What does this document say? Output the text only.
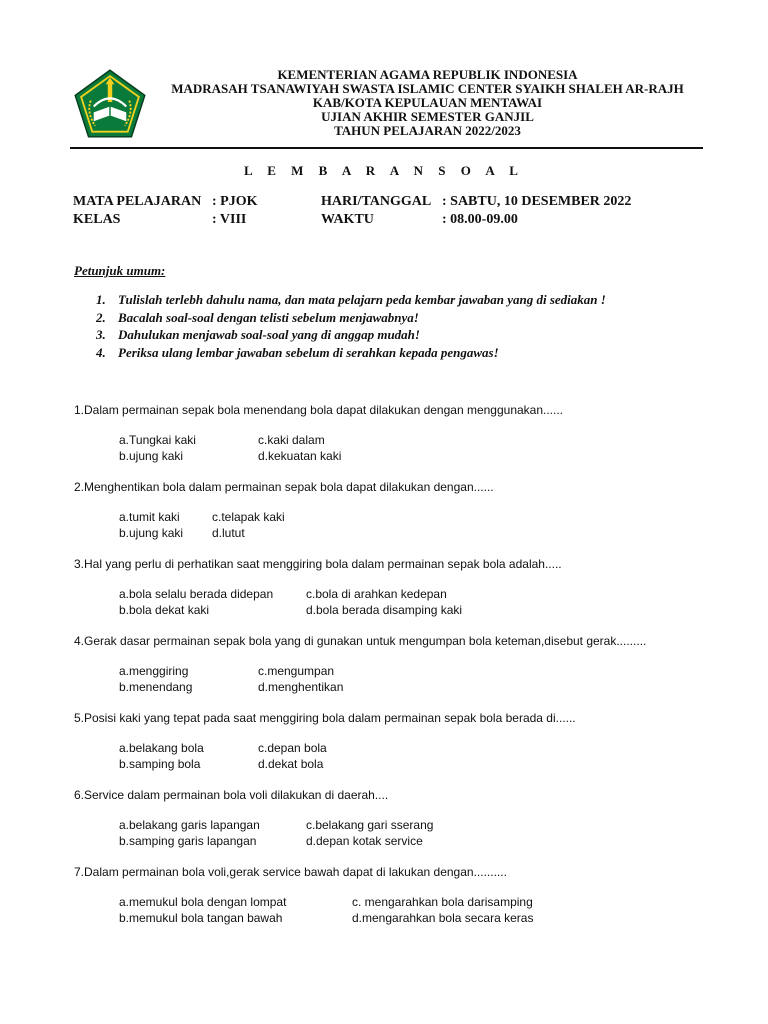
KEMENTERIAN AGAMA REPUBLIK INDONESIA
MADRASAH TSANAWIYAH SWASTA ISLAMIC CENTER SYAIKH SHALEH AR-RAJH
KAB/KOTA KEPULAUAN MENTAWAI
UJIAN AKHIR SEMESTER GANJIL
TAHUN PELAJARAN 2022/2023
L E M B A R A N S O A L
MATA PELAJARAN : PJOK
KELAS	: VIII
HARI/TANGGAL : SABTU, 10 DESEMBER 2022
WAKTU	: 08.00-09.00
Petunjuk umum:
1. Tulislah terlebh dahulu nama, dan mata pelajarn peda kembar jawaban yang di sediakan !
2. Bacalah soal-soal dengan telisti sebelum menjawabnya!
3. Dahulukan menjawab soal-soal yang di anggap mudah!
4. Periksa ulang lembar jawaban sebelum di serahkan kepada pengawas!
1.Dalam permainan sepak bola menendang bola dapat dilakukan dengan menggunakan......
a.Tungkai kaki	c.kaki dalam
b.ujung kaki	d.kekuatan kaki
2.Menghentikan bola dalam permainan sepak bola dapat dilakukan dengan......
a.tumit kaki	c.telapak kaki
b.ujung kaki d.lutut
3.Hal yang perlu di perhatikan saat menggiring bola dalam permainan sepak bola adalah.....
a.bola selalu berada didepan	c.bola di arahkan kedepan
b.bola dekat kaki	d.bola berada disamping kaki
4.Gerak dasar permainan sepak bola yang di gunakan untuk mengumpan bola keteman,disebut gerak.........
a.menggiring	c.mengumpan
b.menendang	d.menghentikan
5.Posisi kaki yang tepat pada saat menggiring bola dalam permainan sepak bola berada di......
a.belakang bola	c.depan bola
b.samping bola	d.dekat bola
6.Service dalam permainan bola voli dilakukan di daerah....
a.belakang garis lapangan	c.belakang gari sserang
b.samping garis lapangan	d.depan kotak service
7.Dalam permainan bola voli,gerak service bawah dapat di lakukan dengan..........
a.memukul bola dengan lompat	c. mengarahkan bola darisamping
b.memukul bola tangan bawah	d.mengarahkan bola secara keras
